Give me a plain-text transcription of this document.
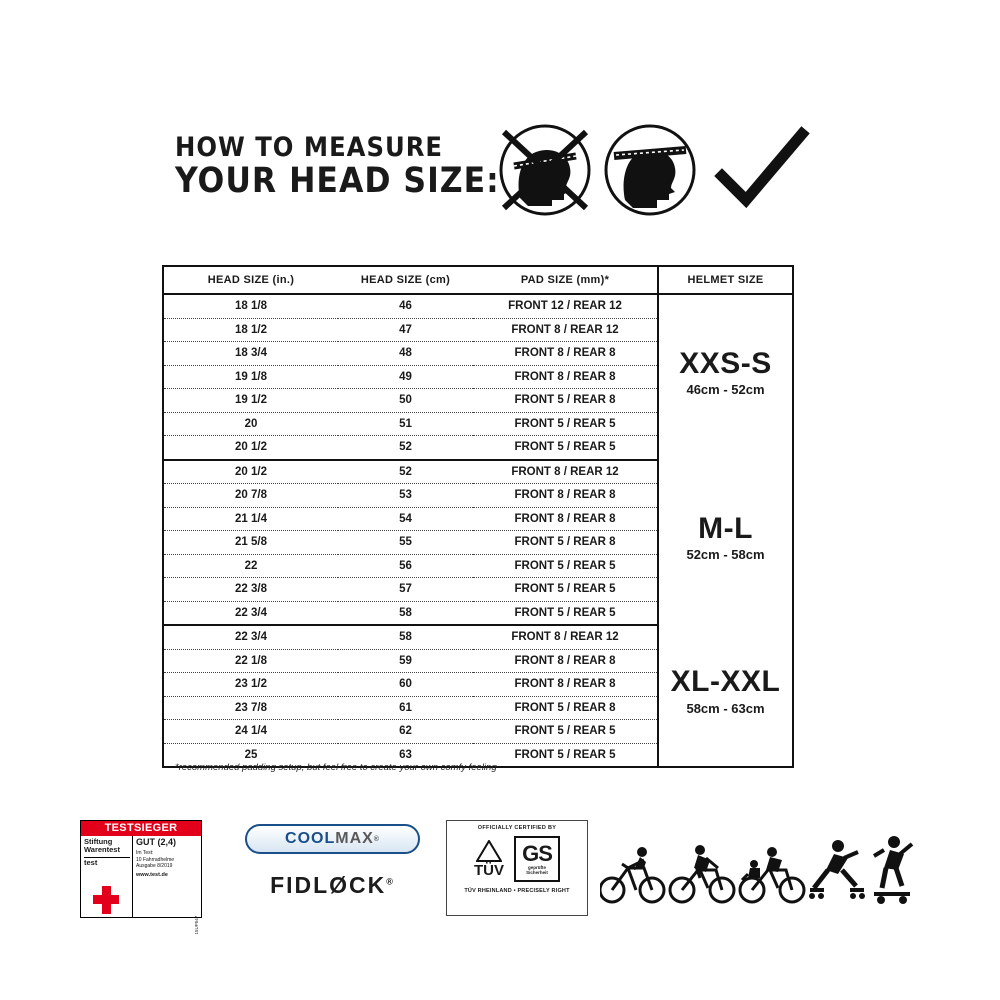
HOW TO MEASURE
YOUR HEAD SIZE:
HEAD SIZE (in.)	HEAD SIZE (cm)	PAD SIZE (mm)*	HELMET SIZE
18 1/8	46	FRONT 12 / REAR 12	XXS-S
46cm - 52cm

18 1/2	47	FRONT 8 / REAR 12	
18 3/4	48	FRONT 8 / REAR 8	
19 1/8	49	FRONT 8 / REAR 8	
19 1/2	50	FRONT 5 / REAR 8	
20	51	FRONT 5 / REAR 5	
20 1/2	52	FRONT 5 / REAR 5	
20 1/2	52	FRONT 8 / REAR 12	M-L
52cm - 58cm

20 7/8	53	FRONT 8 / REAR 8	
21 1/4	54	FRONT 8 / REAR 8	
21 5/8	55	FRONT 5 / REAR 8	
22	56	FRONT 5 / REAR 5	
22 3/8	57	FRONT 5 / REAR 5	
22 3/4	58	FRONT 5 / REAR 5	
22 3/4	58	FRONT 8 / REAR 12	XL-XXL
58cm - 63cm

22 1/8	59	FRONT 8 / REAR 8	
23 1/2	60	FRONT 8 / REAR 8	
23 7/8	61	FRONT 5 / REAR 8	
24 1/4	62	FRONT 5 / REAR 5	
25	63	FRONT 5 / REAR 5	
*recommended padding setup, but feel free to create your own comfy feeling
TESTSIEGER
Stiftung
Warentest
test
GUT (2,4)
Im Test:
10 Fahrradhelme
Ausgabe 8/2019
www.test.de
15UP547
COOL MAX ®
FIDLØCK®
OFFICIALLY CERTIFIED BY
TÜV
GS
geprüfte
Sicherheit
TÜV RHEINLAND • PRECISELY RIGHT
